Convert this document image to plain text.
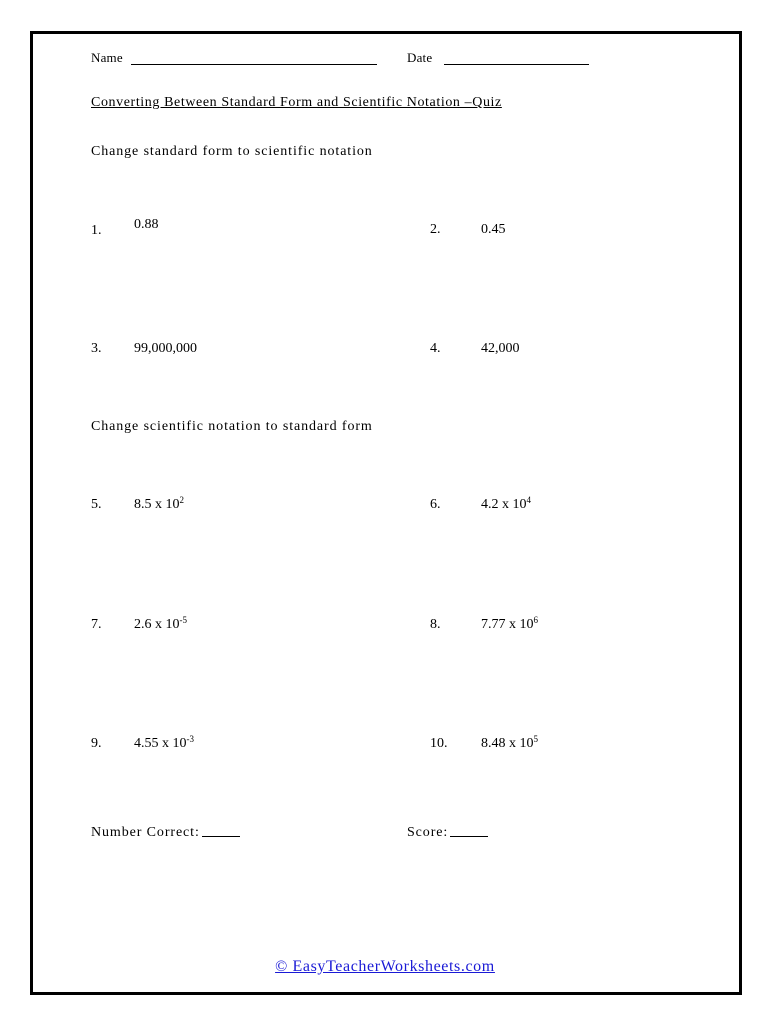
Name	Date
Converting Between Standard Form and Scientific Notation –Quiz
Change standard form to scientific notation
1. 0.88	2.	0.45
3. 99,000,000	4.	42,000
Change scientific notation to standard form
5. 8.5 x $10^2$	6.	4.2 x $10^4$
7. 2.6 x $10^{-5}$	8.	7.77 x $10^6$
9. 4.55 x $10^{-3}$	10. 8.48 x $10^5$
Number Correct:	Score:
© EasyTeacherWorksheets.com
